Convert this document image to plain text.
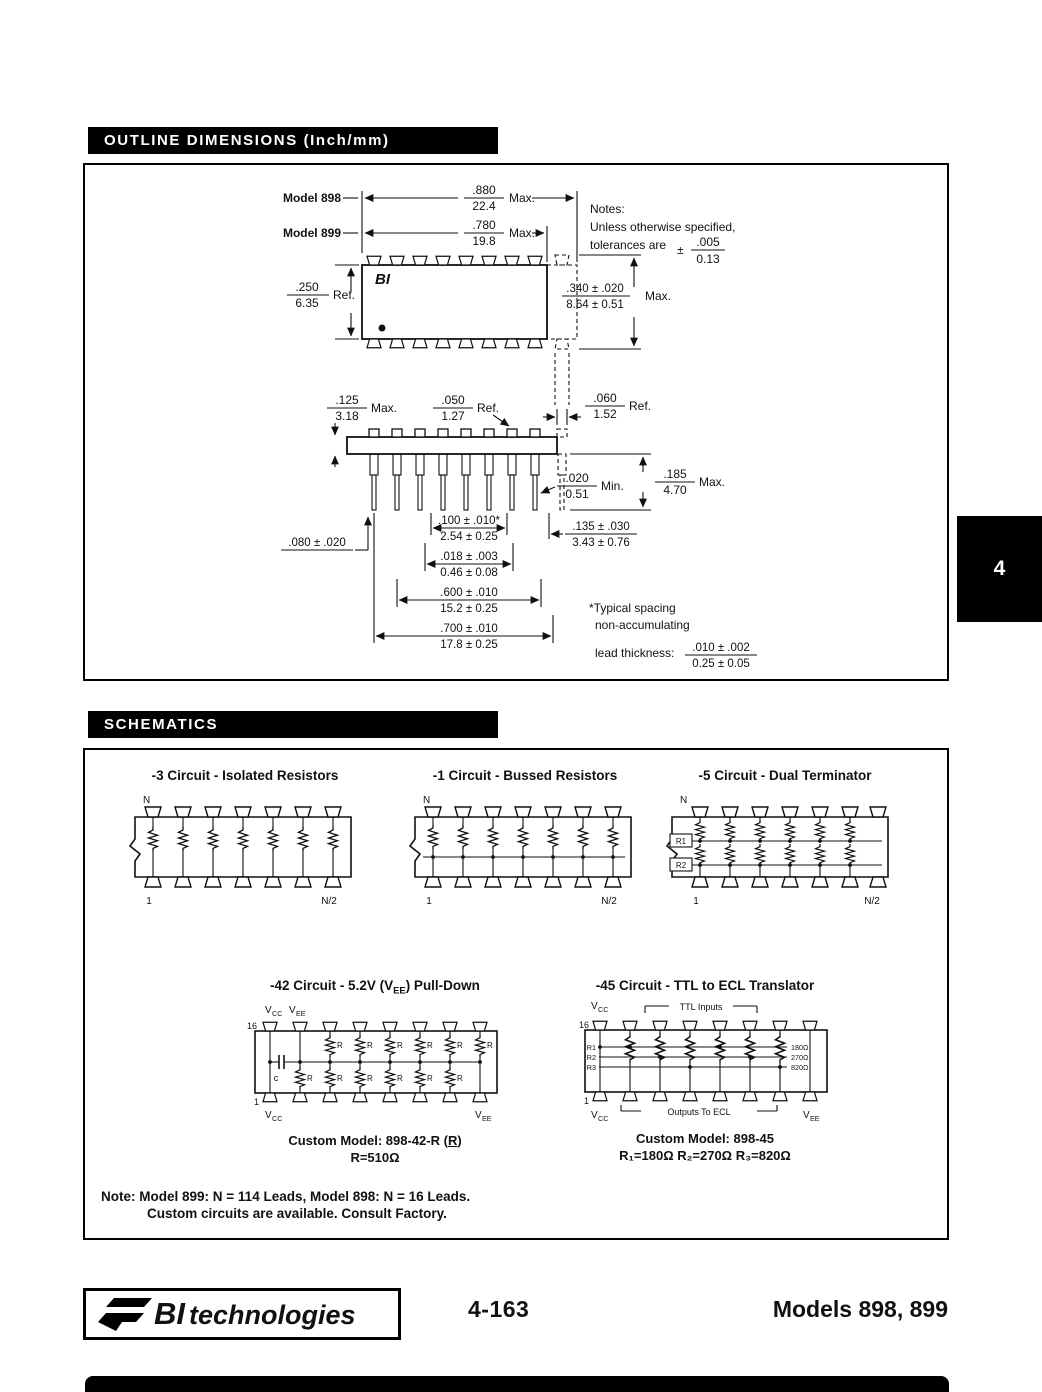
OUTLINE DIMENSIONS (Inch/mm)
BI
.880
22.4
Max.
Model 898
.780
19.8
Max.
Model 899
Notes:
Unless otherwise specified,
tolerances are ±
.005
0.13
.250
6.35
Ref.	.340 ± .020
8.64 ± 0.51
Max.
.125
3.18
Max.
.050
1.27
Ref.
.060
1.52
Ref.
.020
0.51
Min.
.185
4.70
Max.
.100 ± .010*
2.54 ± 0.25
.018 ± .003
0.46 ± 0.08
.600 ± .010
15.2 ± 0.25
.700 ± .010
17.8 ± 0.25
.080 ± .020
.135 ± .030
3.43 ± 0.76
*Typical spacing
non-accumulating
lead thickness: .010 ± .002
0.25 ± 0.05
SCHEMATICS
-3 Circuit - Isolated Resistors
N
1	N/2
-1 Circuit - Bussed Resistors
N
1	N/2
-5 Circuit - Dual Terminator
N
R1
R2
1	N/2
-42 Circuit - 5.2V $(V_{EE})$ Pull-Down
V CC V EE
16
c
R	R	R	R	R	R
R	R	R	R	R	R
1
V CC	V EE
Custom Model: 898-42-R (R)
R=510Ω
-45 Circuit - TTL to ECL Translator
V CC	TTL Inputs
16
R1
R2
R3
180Ω
270Ω
820Ω
1
V CC
Outputs To ECL	V EE
Custom Model: 898-45
R₁=180Ω R₂=270Ω R₃=820Ω
Note: Model 899: N = 114 Leads, Model 898: N = 16 Leads.
Custom circuits are available. Consult Factory.
BI technologies	4-163	Models 898, 899
4
